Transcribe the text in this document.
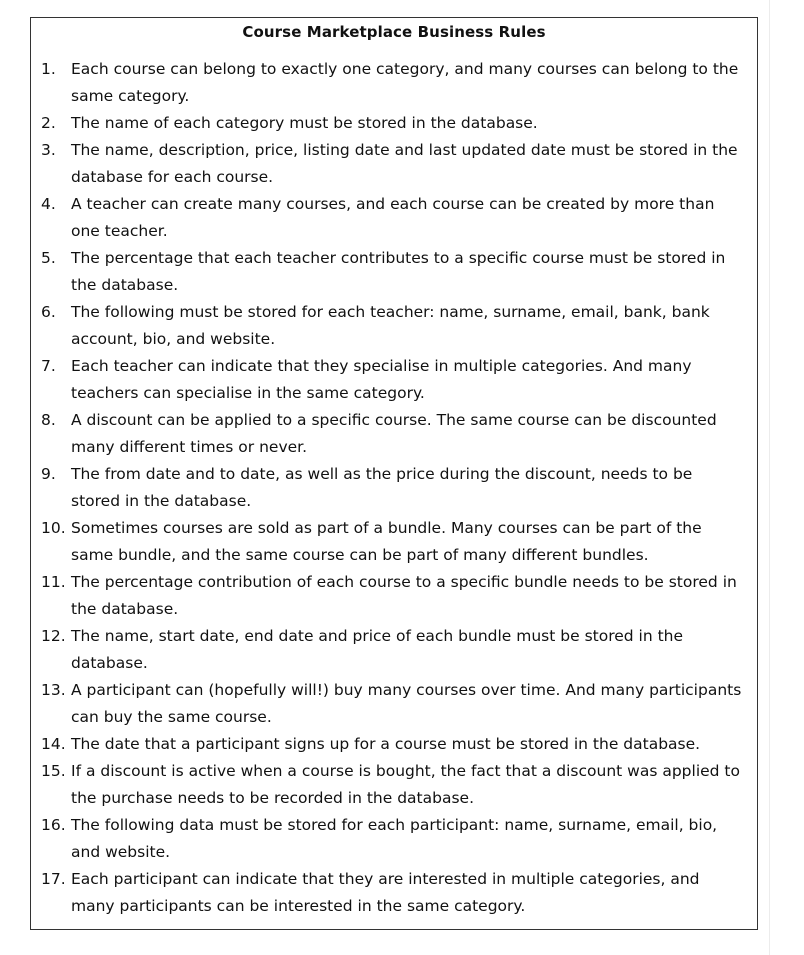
Course Marketplace Business Rules
1. Each course can belong to exactly one category, and many courses can belong to the same category.
2. The name of each category must be stored in the database.
3. The name, description, price, listing date and last updated date must be stored in the database for each course.
4. A teacher can create many courses, and each course can be created by more than one teacher.
5. The percentage that each teacher contributes to a specific course must be stored in the database.
6. The following must be stored for each teacher: name, surname, email, bank, bank account, bio, and website.
7. Each teacher can indicate that they specialise in multiple categories. And many teachers can specialise in the same category.
8. A discount can be applied to a specific course. The same course can be discounted many different times or never.
9. The from date and to date, as well as the price during the discount, needs to be stored in the database.
10. Sometimes courses are sold as part of a bundle. Many courses can be part of the same bundle, and the same course can be part of many different bundles.
11. The percentage contribution of each course to a specific bundle needs to be stored in the database.
12. The name, start date, end date and price of each bundle must be stored in the database.
13. A participant can (hopefully will!) buy many courses over time. And many participants can buy the same course.
14. The date that a participant signs up for a course must be stored in the database.
15. If a discount is active when a course is bought, the fact that a discount was applied to the purchase needs to be recorded in the database.
16. The following data must be stored for each participant: name, surname, email, bio, and website.
17. Each participant can indicate that they are interested in multiple categories, and many participants can be interested in the same category.
